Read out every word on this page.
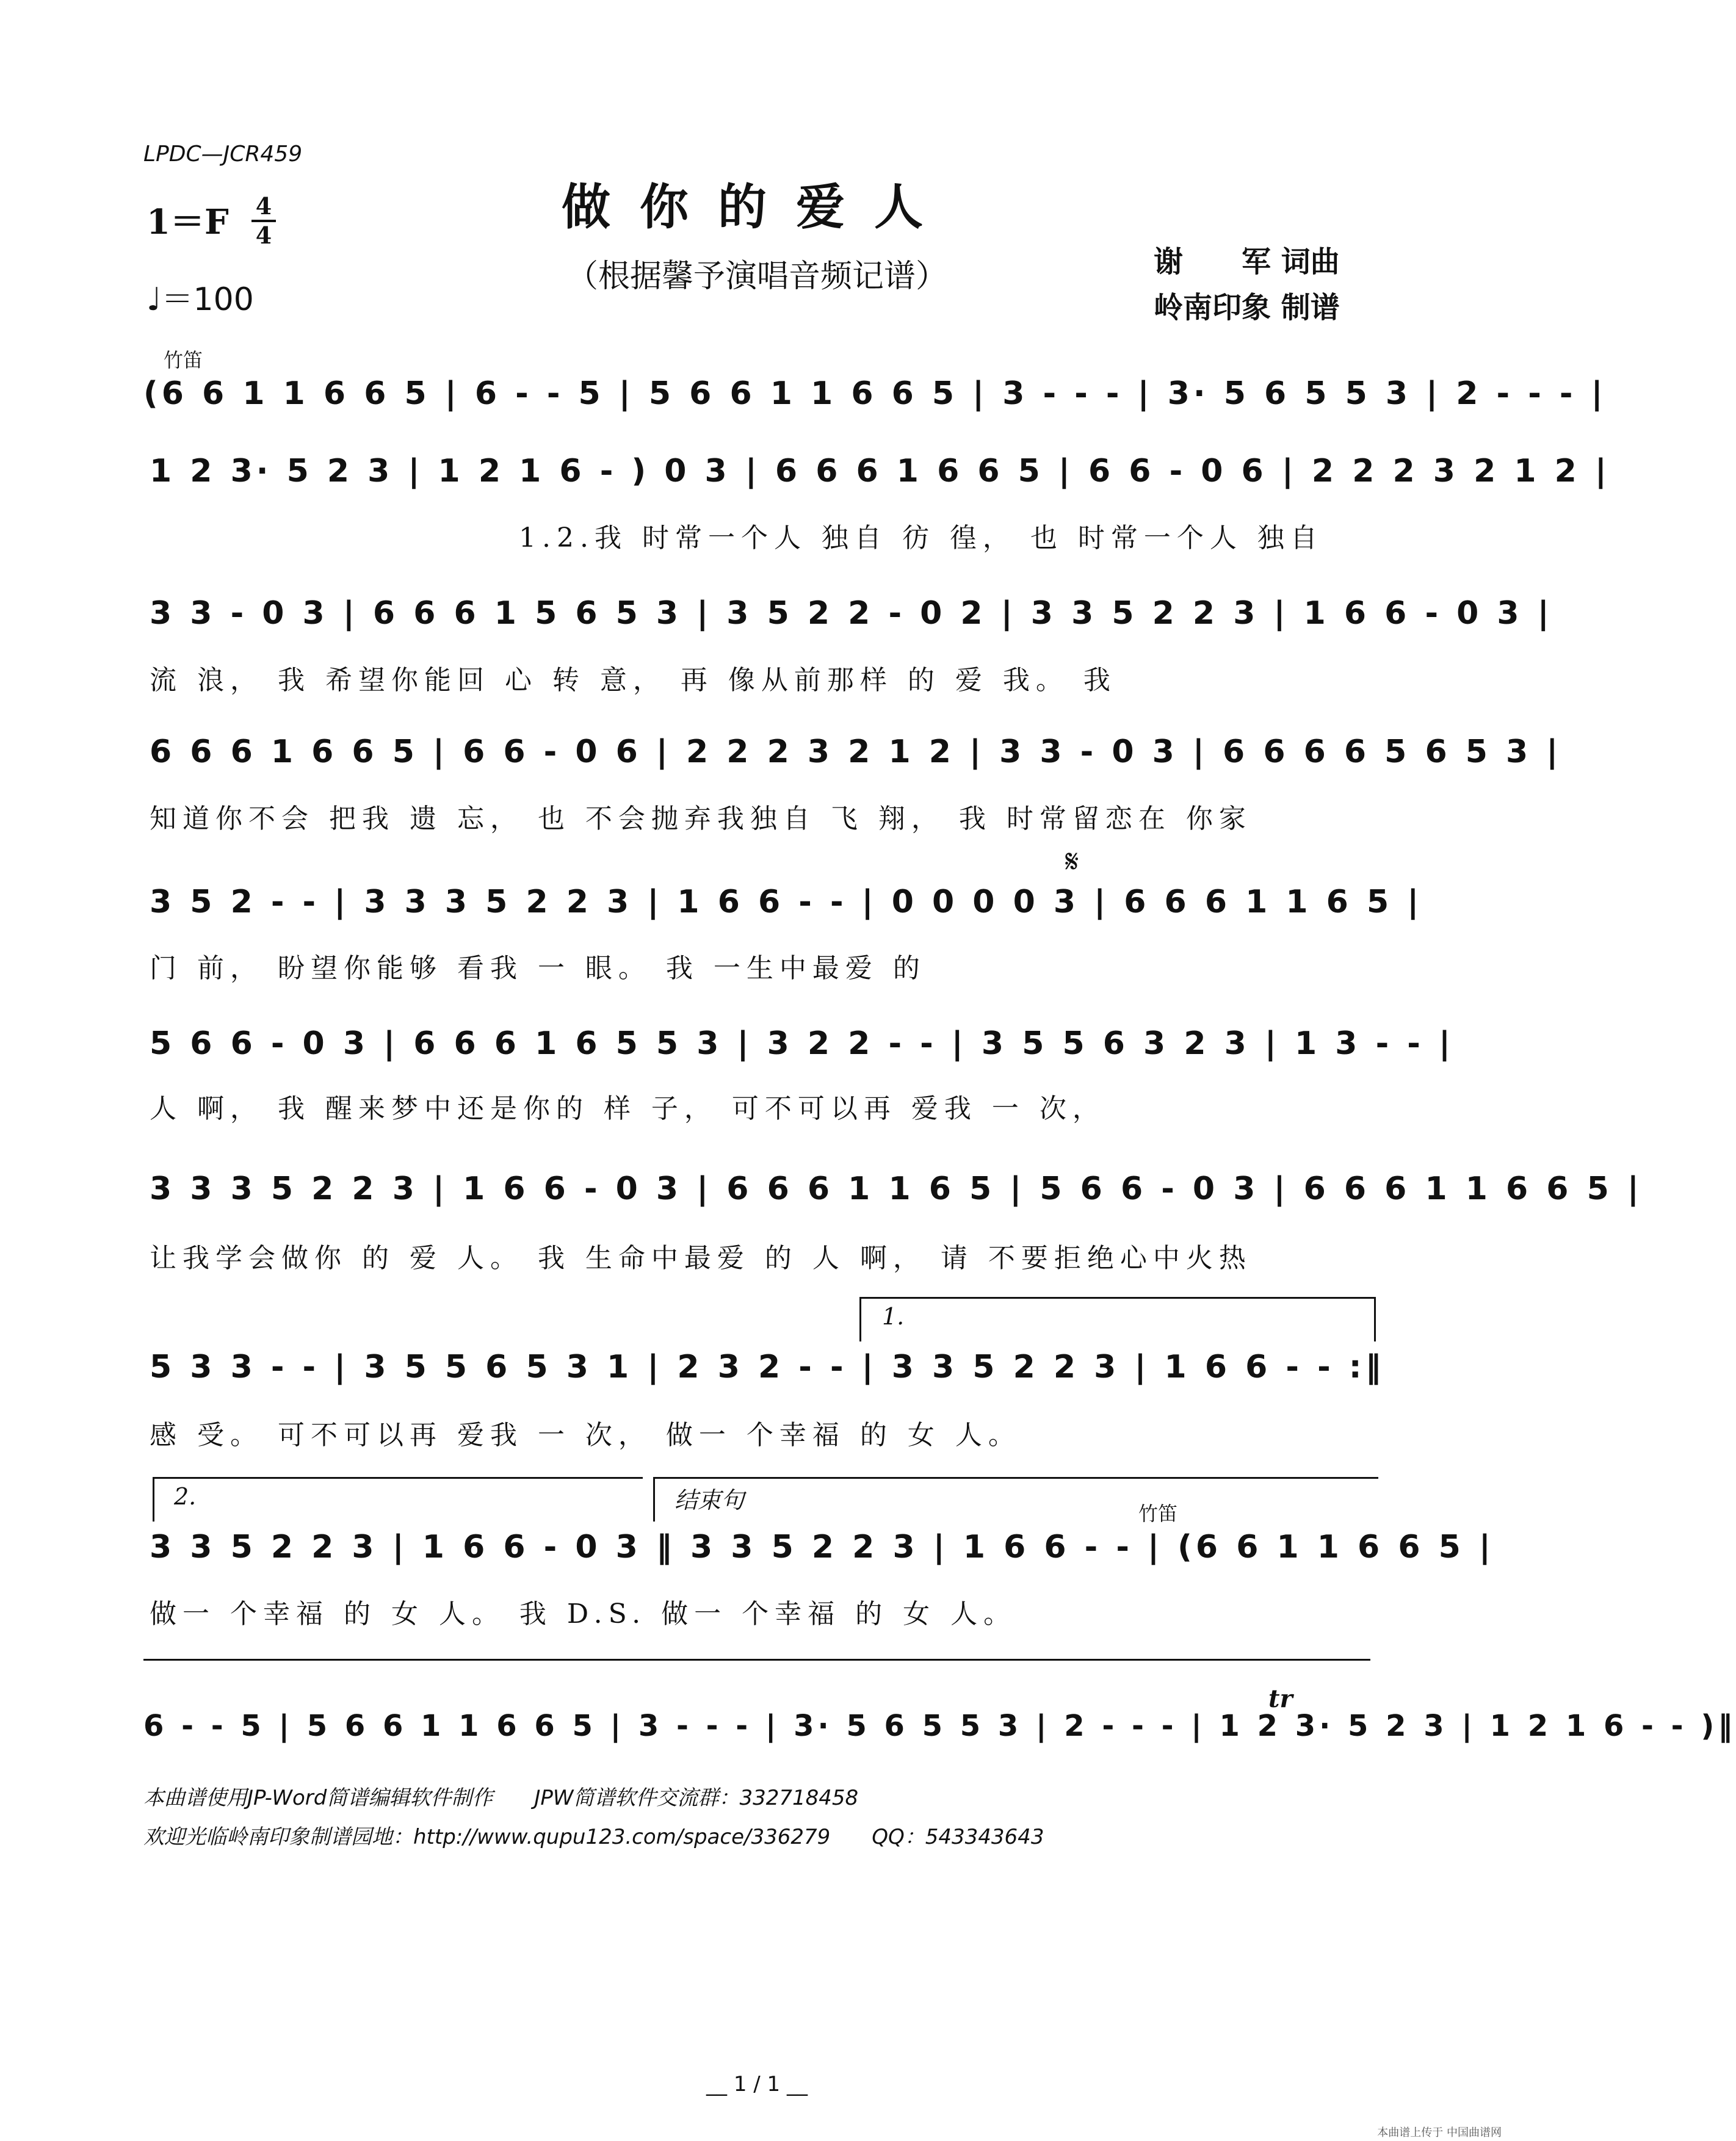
LPDC—JCR459
做你的爱人
（根据馨予演唱音频记谱）
1＝F 4
4
♩＝100
谢　　军 词曲
岭南印象 制谱
竹笛
(6 6 1 1 6 6 5 | 6 - - 5 | 5 6 6 1 1 6 6 5 | 3 - - - | 3· 5 6 5 5 3 | 2 - - - |
1 2 3· 5 2 3 | 1 2 1 6 - ) 0 3 | 6 6 6 1 6 6 5 | 6 6 - 0 6 | 2 2 2 3 2 1 2 |
1.2.我 时常一个人 独自 彷 徨， 也 时常一个人 独自
3 3 - 0 3 | 6 6 6 1 5 6 5 3 | 3 5 2 2 - 0 2 | 3 3 5 2 2 3 | 1 6 6 - 0 3 |
流 浪， 我 希望你能回 心 转 意， 再 像从前那样 的 爱 我。 我
6 6 6 1 6 6 5 | 6 6 - 0 6 | 2 2 2 3 2 1 2 | 3 3 - 0 3 | 6 6 6 6 5 6 5 3 |
知道你不会 把我 遗 忘， 也 不会抛弃我独自 飞 翔， 我 时常留恋在 你家
𝄋
3 5 2 - - | 3 3 3 5 2 2 3 | 1 6 6 - - | 0 0 0 0 3 | 6 6 6 1 1 6 5 |
门 前， 盼望你能够 看我 一 眼。 我 一生中最爱 的
5 6 6 - 0 3 | 6 6 6 1 6 5 5 3 | 3 2 2 - - | 3 5 5 6 3 2 3 | 1 3 - - |
人 啊， 我 醒来梦中还是你的 样 子， 可不可以再 爱我 一 次，
3 3 3 5 2 2 3 | 1 6 6 - 0 3 | 6 6 6 1 1 6 5 | 5 6 6 - 0 3 | 6 6 6 1 1 6 6 5 |
让我学会做你 的 爱 人。 我 生命中最爱 的 人 啊， 请 不要拒绝心中火热
1.
5 3 3 - - | 3 5 5 6 5 3 1 | 2 3 2 - - | 3 3 5 2 2 3 | 1 6 6 - - :‖
感 受。 可不可以再 爱我 一 次， 做一 个幸福 的 女 人。
2.	结束句	竹笛
3 3 5 2 2 3 | 1 6 6 - 0 3 ‖ 3 3 5 2 2 3 | 1 6 6 - - | (6 6 1 1 6 6 5 |
做一 个幸福 的 女 人。 我 D.S. 做一 个幸福 的 女 人。
tr
6 - - 5 | 5 6 6 1 1 6 6 5 | 3 - - - | 3· 5 6 5 5 3 | 2 - - - | 1 2 3· 5 2 3 | 1 2 1 6 - - )‖
本曲谱使用JP-Word简谱编辑软件制作　　JPW简谱软件交流群：332718458
欢迎光临岭南印象制谱园地：http://www.qupu123.com/space/336279　　QQ：543343643
__ 1 / 1 __
本曲谱上传于 中国曲谱网
